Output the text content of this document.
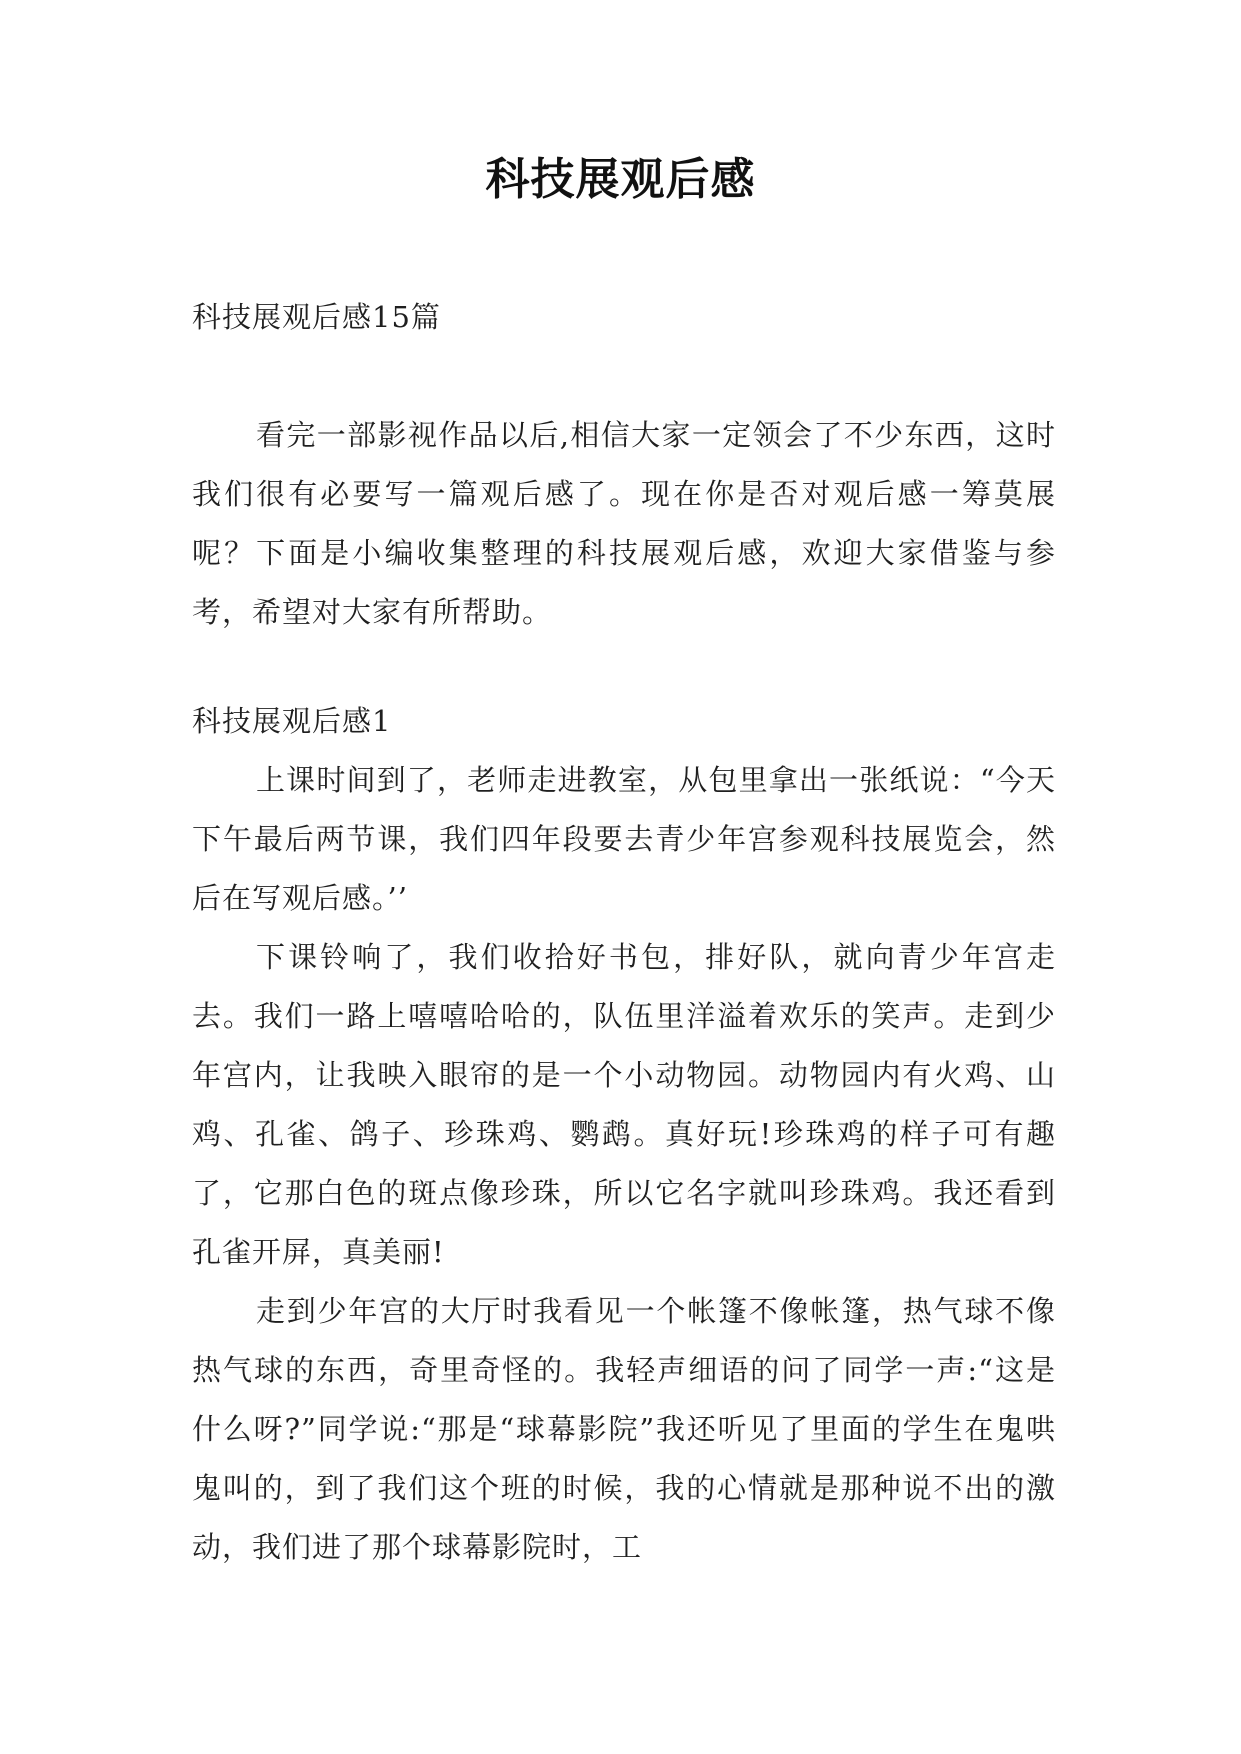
科技展观后感

科技展观后感15篇

看完一部影视作品以后,相信大家一定领会了不少东西，这时我们很有必要写一篇观后感了。现在你是否对观后感一筹莫展呢？下面是小编收集整理的科技展观后感，欢迎大家借鉴与参考，希望对大家有所帮助。

科技展观后感1

上课时间到了，老师走进教室，从包里拿出一张纸说：“今天下午最后两节课，我们四年段要去青少年宫参观科技展览会，然后在写观后感。’’

下课铃响了，我们收拾好书包，排好队，就向青少年宫走去。我们一路上嘻嘻哈哈的，队伍里洋溢着欢乐的笑声。走到少年宫内，让我映入眼帘的是一个小动物园。动物园内有火鸡、山鸡、孔雀、鸽子、珍珠鸡、鹦鹉。真好玩!珍珠鸡的样子可有趣了，它那白色的斑点像珍珠，所以它名字就叫珍珠鸡。我还看到孔雀开屏，真美丽!

走到少年宫的大厅时我看见一个帐篷不像帐篷，热气球不像热气球的东西，奇里奇怪的。我轻声细语的问了同学一声:“这是什么呀?”同学说:“那是“球幕影院”我还听见了里面的学生在鬼哄鬼叫的，到了我们这个班的时候，我的心情就是那种说不出的激动，我们进了那个球幕影院时，工
